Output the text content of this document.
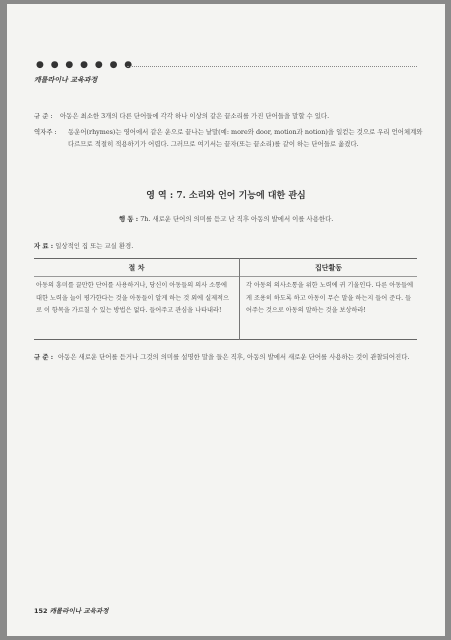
● ● ● ● ● ● ●
캐롤라이나 교육과정
규 준 : 아동은 최소한 3개의 다른 단어들에 각각 하나 이상의 같은 끝소리를 가진 단어들을 말할 수 있다.
역자주 : 동운어(rhymes)는 영어에서 같은 운으로 끝나는 낱말(예: more와 door, motion과 notion)을 일컫는 것으로 우리 언어체계와 다르므로 적절히 적용하기가 어렵다. 그러므로 여기서는 끝자(또는 끝소리)를 같이 하는 단어들로 옮겼다.
영 역 : 7. 소리와 언어 기능에 대한 관심
행 동 : 7h. 새로운 단어의 의미를 듣고 난 직후 아동의 발에서 이를 사용한다.
자 료 : 일상적인 집 또는 교실 환경.
절 차	집단활동
아동의 흥미를 끌만한 단어를 사용하거나, 당신이 아동들의 의사 소통에 대한 노력을 늘이 평가한다는 것을 아동들이 알게 하는 것 외에 실제적으로 이 항목을 가르칠 수 있는 방법은 없다. 들어주고 관심을 나타내라!
각 아동의 의사소통을 위한 노력에 귀 기울인다. 다른 아동들에게 조용히 하도록 하고 아동이 무슨 말을 하는지 들어 준다. 들어주는 것으로 아동의 말하는 것을 보상하라!
규 준 : 아동은 새로운 단어를 듣거나 그것의 의미를 설명한 말을 들은 직후, 아동의 발에서 새로운 단어를 사용하는 것이 관찰되어진다.
152 캐롤라이나 교육과정
